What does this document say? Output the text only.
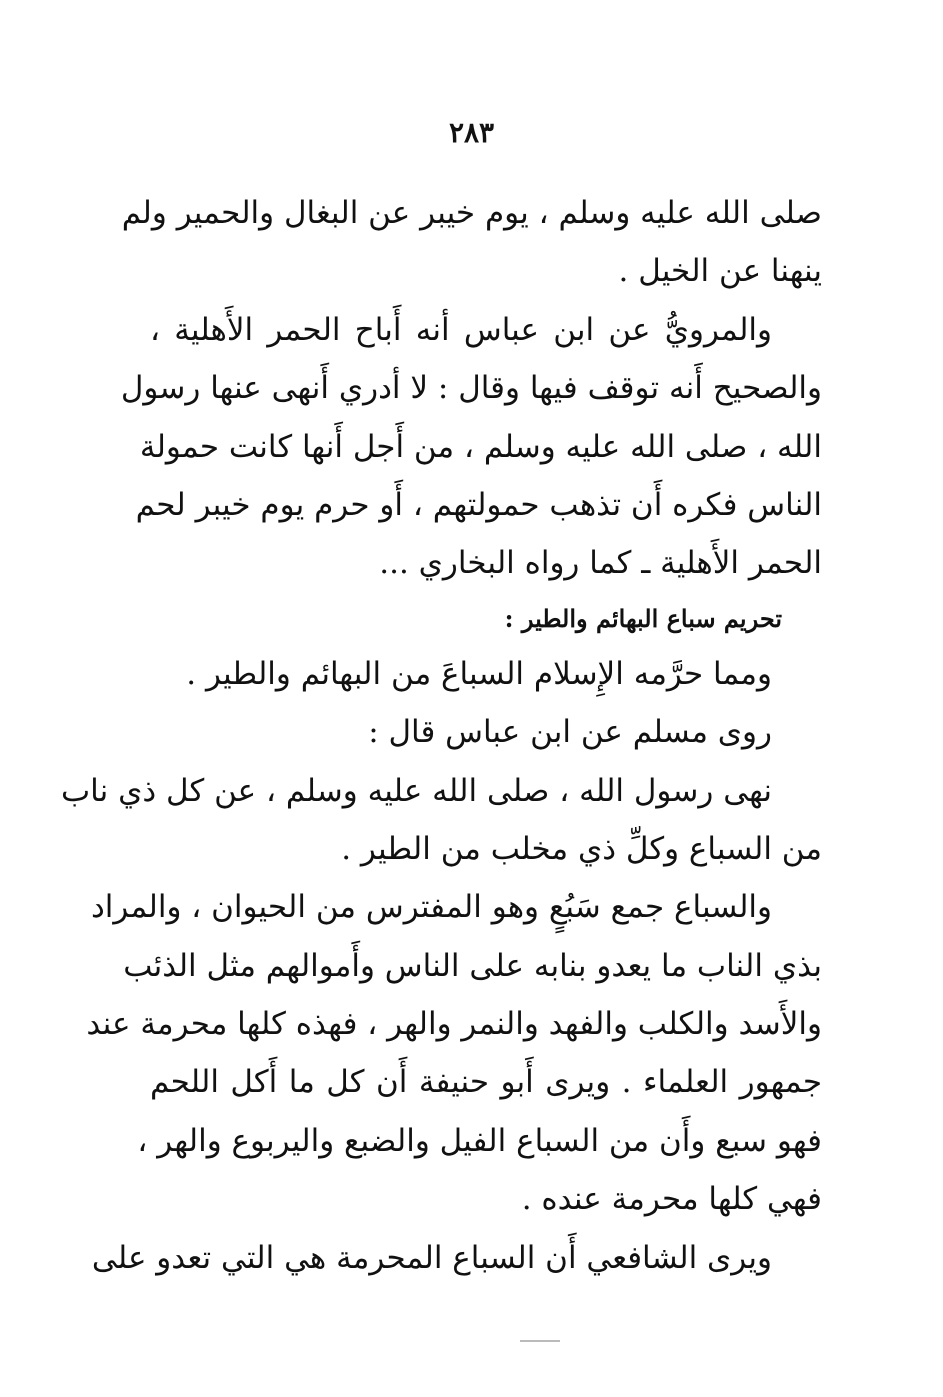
٢٨٣
صلى الله عليه وسلم ، يوم خيبر عن البغال والحمير ولم
ينهنا عن الخيل .
والمرويُّ عن ابن عباس أنه أَباح الحمر الأَهلية ،
والصحيح أَنه توقف فيها وقال : لا أدري أَنهى عنها رسول
الله ، صلى الله عليه وسلم ، من أَجل أَنها كانت حمولة
الناس فكره أَن تذهب حمولتهم ، أَو حرم يوم خيبر لحم
الحمر الأَهلية ـ كما رواه البخاري ...
تحريم سباع البهائم والطير :
ومما حرَّمه الإِسلام السباعَ من البهائم والطير .
روى مسلم عن ابن عباس قال :
نهى رسول الله ، صلى الله عليه وسلم ، عن كل ذي ناب
من السباع وكلِّ ذي مخلب من الطير .
والسباع جمع سَبُعٍ وهو المفترس من الحيوان ، والمراد
بذي الناب ما يعدو بنابه على الناس وأَموالهم مثل الذئب
والأَسد والكلب والفهد والنمر والهر ، فهذه كلها محرمة عند
جمهور العلماء . ويرى أَبو حنيفة أَن كل ما أَكل اللحم
فهو سبع وأَن من السباع الفيل والضبع واليربوع والهر ،
فهي كلها محرمة عنده .
ويرى الشافعي أَن السباع المحرمة هي التي تعدو على
